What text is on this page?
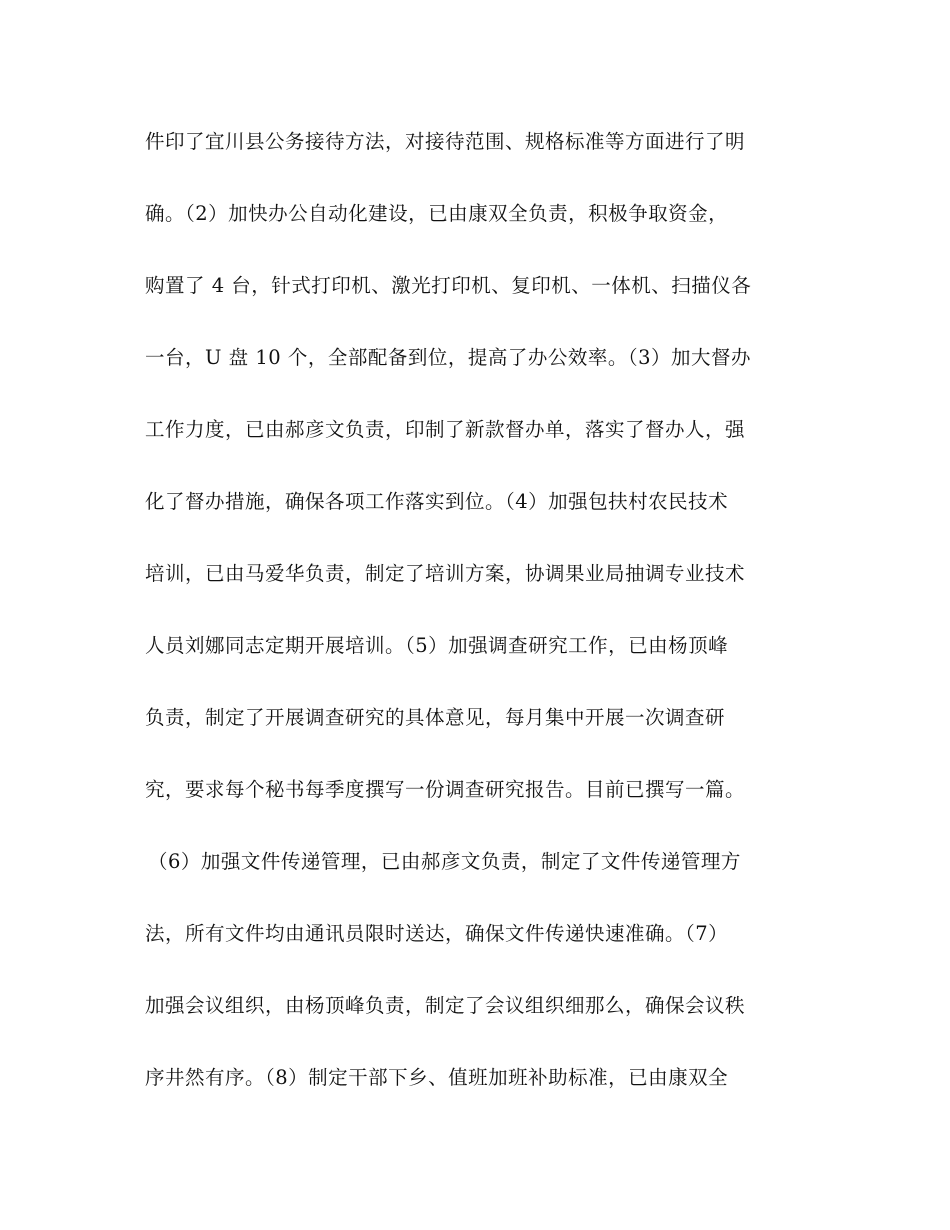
件印了宜川县公务接待方法，对接待范围、规格标准等方面进行了明
确。（2）加快办公自动化建设，已由康双全负责，积极争取资金，
购置了 4 台，针式打印机、激光打印机、复印机、一体机、扫描仪各
一台，U 盘 10 个，全部配备到位，提高了办公效率。（3）加大督办
工作力度，已由郝彦文负责，印制了新款督办单，落实了督办人，强
化了督办措施，确保各项工作落实到位。（4）加强包扶村农民技术
培训，已由马爱华负责，制定了培训方案，协调果业局抽调专业技术
人员刘娜同志定期开展培训。（5）加强调查研究工作，已由杨顶峰
负责，制定了开展调查研究的具体意见，每月集中开展一次调查研
究，要求每个秘书每季度撰写一份调查研究报告。目前已撰写一篇。
（6）加强文件传递管理，已由郝彦文负责，制定了文件传递管理方
法，所有文件均由通讯员限时送达，确保文件传递快速准确。（7）
加强会议组织，由杨顶峰负责，制定了会议组织细那么，确保会议秩
序井然有序。（8）制定干部下乡、值班加班补助标准，已由康双全
